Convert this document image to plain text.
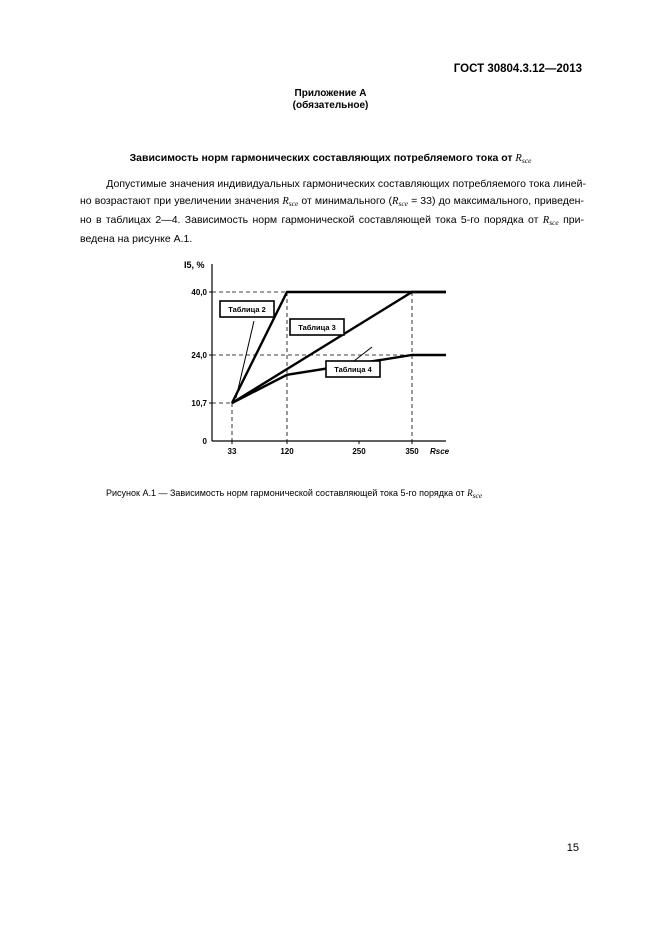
ГОСТ 30804.3.12—2013
Приложение А
(обязательное)
Зависимость норм гармонических составляющих потребляемого тока от $R_{sce}$
Допустимые значения индивидуальных гармонических составляющих потребляемого тока линей-
но возрастают при увеличении значения $R_{sce}$ от минимального $(R_{sce} = 33)$ до максимального, приведен-
но в таблицах 2—4. Зависимость норм гармонической составляющей тока 5-го порядка от $R_{sce}$ при-
ведена на рисунке А.1.
0
10,7
24,0
40,0
33	120	250	350
I5, %
Rsce
Таблица 2
Таблица 3
Таблица 4
Рисунок А.1 — Зависимость норм гармонической составляющей тока 5-го порядка от $R_{sce}$
15
